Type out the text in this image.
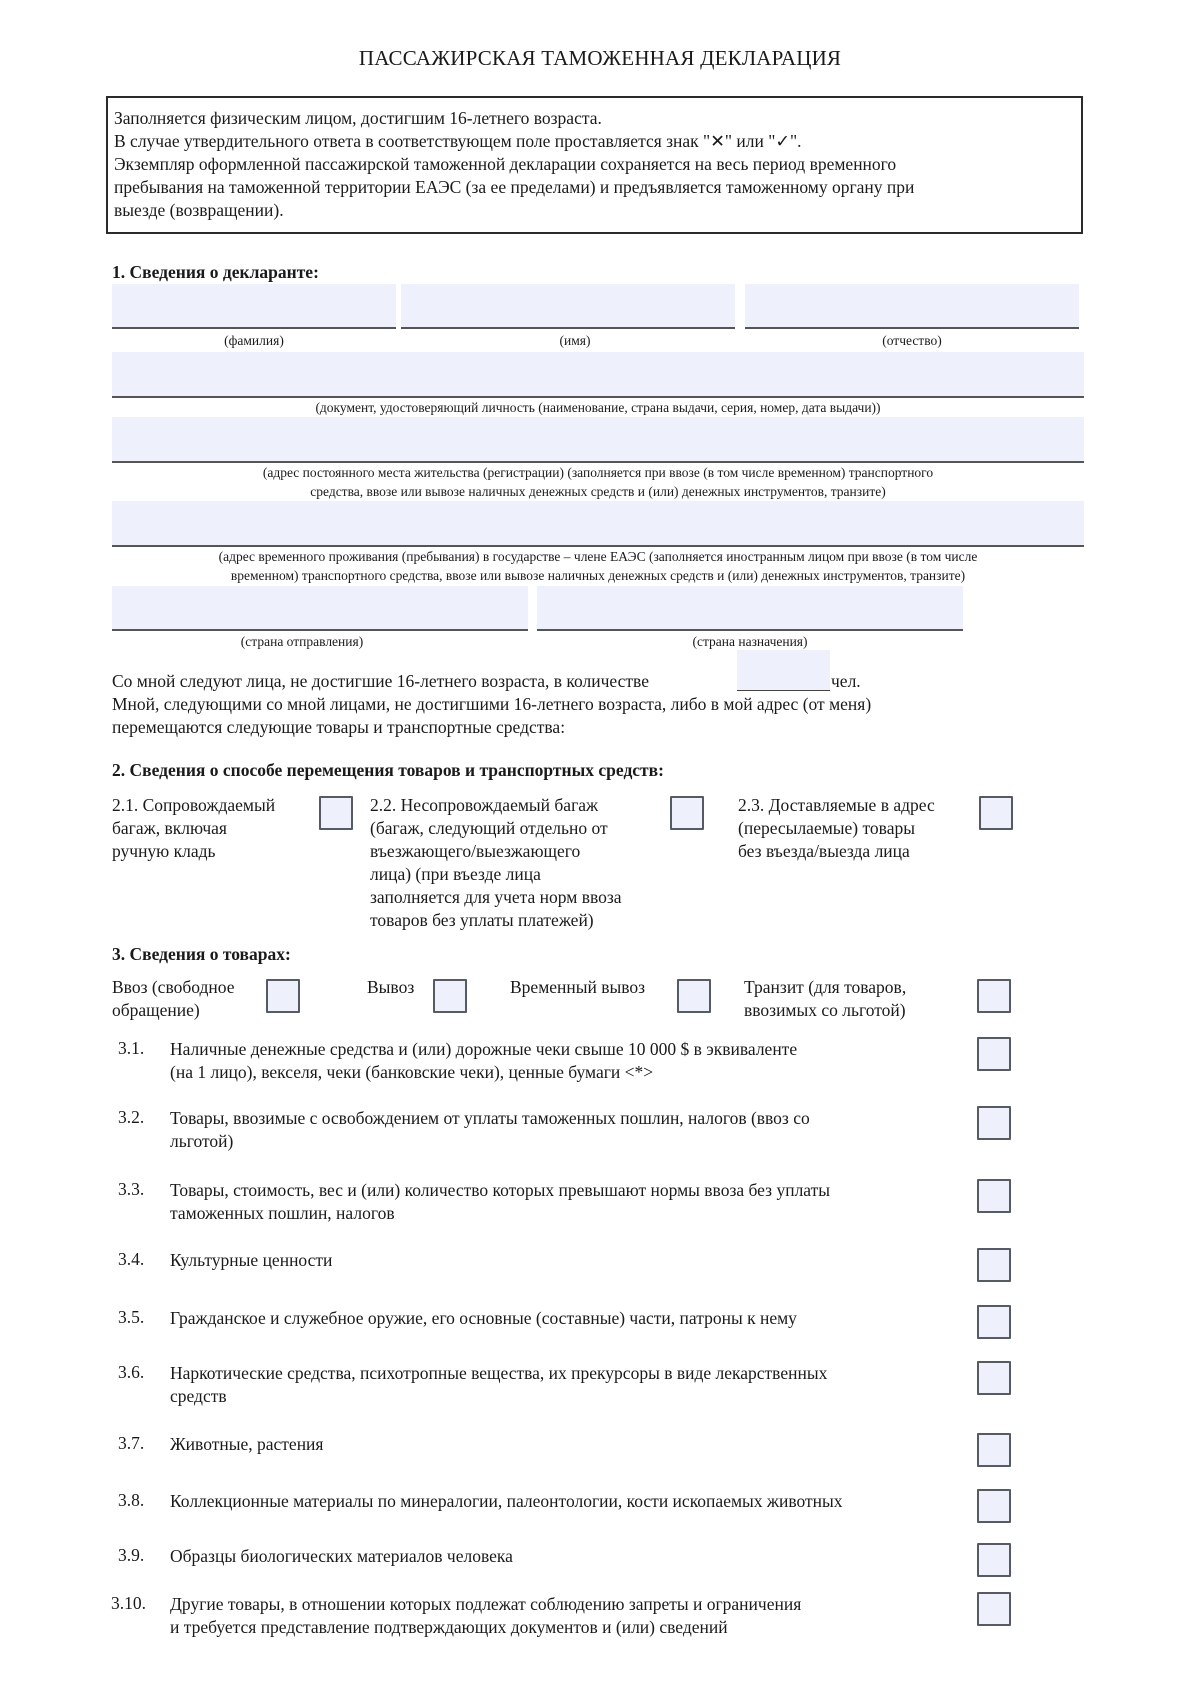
ПАССАЖИРСКАЯ ТАМОЖЕННАЯ ДЕКЛАРАЦИЯ
Заполняется физическим лицом, достигшим 16-летнего возраста.
В случае утвердительного ответа в соответствующем поле проставляется знак "✕" или "✓".
Экземпляр оформленной пассажирской таможенной декларации сохраняется на весь период временного
пребывания на таможенной территории ЕАЭС (за ее пределами) и предъявляется таможенному органу при
выезде (возвращении).
1. Сведения о декларанте:
(фамилия)	(имя)	(отчество)
(документ, удостоверяющий личность (наименование, страна выдачи, серия, номер, дата выдачи))
(адрес постоянного места жительства (регистрации) (заполняется при ввозе (в том числе временном) транспортного
средства, ввозе или вывозе наличных денежных средств и (или) денежных инструментов, транзите)
(адрес временного проживания (пребывания) в государстве – члене ЕАЭС (заполняется иностранным лицом при ввозе (в том числе
временном) транспортного средства, ввозе или вывозе наличных денежных средств и (или) денежных инструментов, транзите)
(страна отправления)	(страна назначения)
Со мной следуют лица, не достигшие 16-летнего возраста, в количестве	чел.
Мной, следующими со мной лицами, не достигшими 16-летнего возраста, либо в мой адрес (от меня)
перемещаются следующие товары и транспортные средства:
2. Сведения о способе перемещения товаров и транспортных средств:
2.1. Сопровождаемый
багаж, включая
ручную кладь
2.2. Несопровождаемый багаж
(багаж, следующий отдельно от
въезжающего/выезжающего
лица) (при въезде лица
заполняется для учета норм ввоза
товаров без уплаты платежей)
2.3. Доставляемые в адрес
(пересылаемые) товары
без въезда/выезда лица
3. Сведения о товарах:
Ввоз (свободное
обращение)
Вывоз	Временный вывоз	Транзит (для товаров,
ввозимых со льготой)
3.1. Наличные денежные средства и (или) дорожные чеки свыше 10 000 $ в эквиваленте
(на 1 лицо), векселя, чеки (банковские чеки), ценные бумаги <*>
3.2. Товары, ввозимые с освобождением от уплаты таможенных пошлин, налогов (ввоз со
льготой)
3.3. Товары, стоимость, вес и (или) количество которых превышают нормы ввоза без уплаты
таможенных пошлин, налогов
3.4. Культурные ценности
3.5. Гражданское и служебное оружие, его основные (составные) части, патроны к нему
3.6. Наркотические средства, психотропные вещества, их прекурсоры в виде лекарственных
средств
3.7. Животные, растения
3.8. Коллекционные материалы по минералогии, палеонтологии, кости ископаемых животных
3.9. Образцы биологических материалов человека
3.10. Другие товары, в отношении которых подлежат соблюдению запреты и ограничения
и требуется представление подтверждающих документов и (или) сведений
